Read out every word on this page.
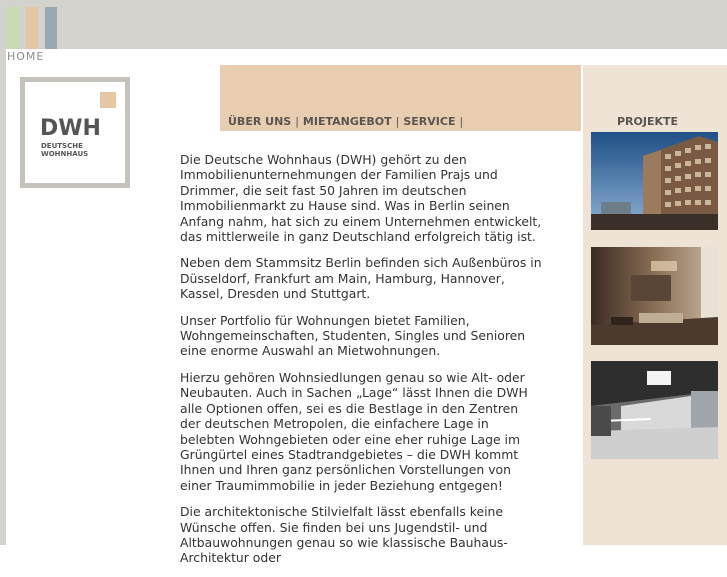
HOME
DWH
DEUTSCHE
WOHNHAUS
ÜBER UNS | MIETANGEBOT | SERVICE |	PROJEKTE

Die Deutsche Wohnhaus (DWH) gehört zu den Immobilienunternehmungen der Familien Prajs und Drimmer, die seit fast 50 Jahren im deutschen Immobilienmarkt zu Hause sind. Was in Berlin seinen Anfang nahm, hat sich zu einem Unternehmen entwickelt, das mittlerweile in ganz Deutschland erfolgreich tätig ist.

Neben dem Stammsitz Berlin befinden sich Außenbüros in Düsseldorf, Frankfurt am Main, Hamburg, Hannover, Kassel, Dresden und Stuttgart.

Unser Portfolio für Wohnungen bietet Familien, Wohngemeinschaften, Studenten, Singles und Senioren eine enorme Auswahl an Mietwohnungen.

Hierzu gehören Wohnsiedlungen genau so wie Alt- oder Neubauten. Auch in Sachen „Lage“ lässt Ihnen die DWH alle Optionen offen, sei es die Bestlage in den Zentren der deutschen Metropolen, die einfachere Lage in belebten Wohngebieten oder eine eher ruhige Lage im Grüngürtel eines Stadtrandgebietes – die DWH kommt Ihnen und Ihren ganz persönlichen Vorstellungen von einer Traumimmobilie in jeder Beziehung entgegen!

Die architektonische Stilvielfalt lässt ebenfalls keine Wünsche offen. Sie finden bei uns Jugendstil- und Altbauwohnungen genau so wie klassische Bauhaus-Architektur oder
